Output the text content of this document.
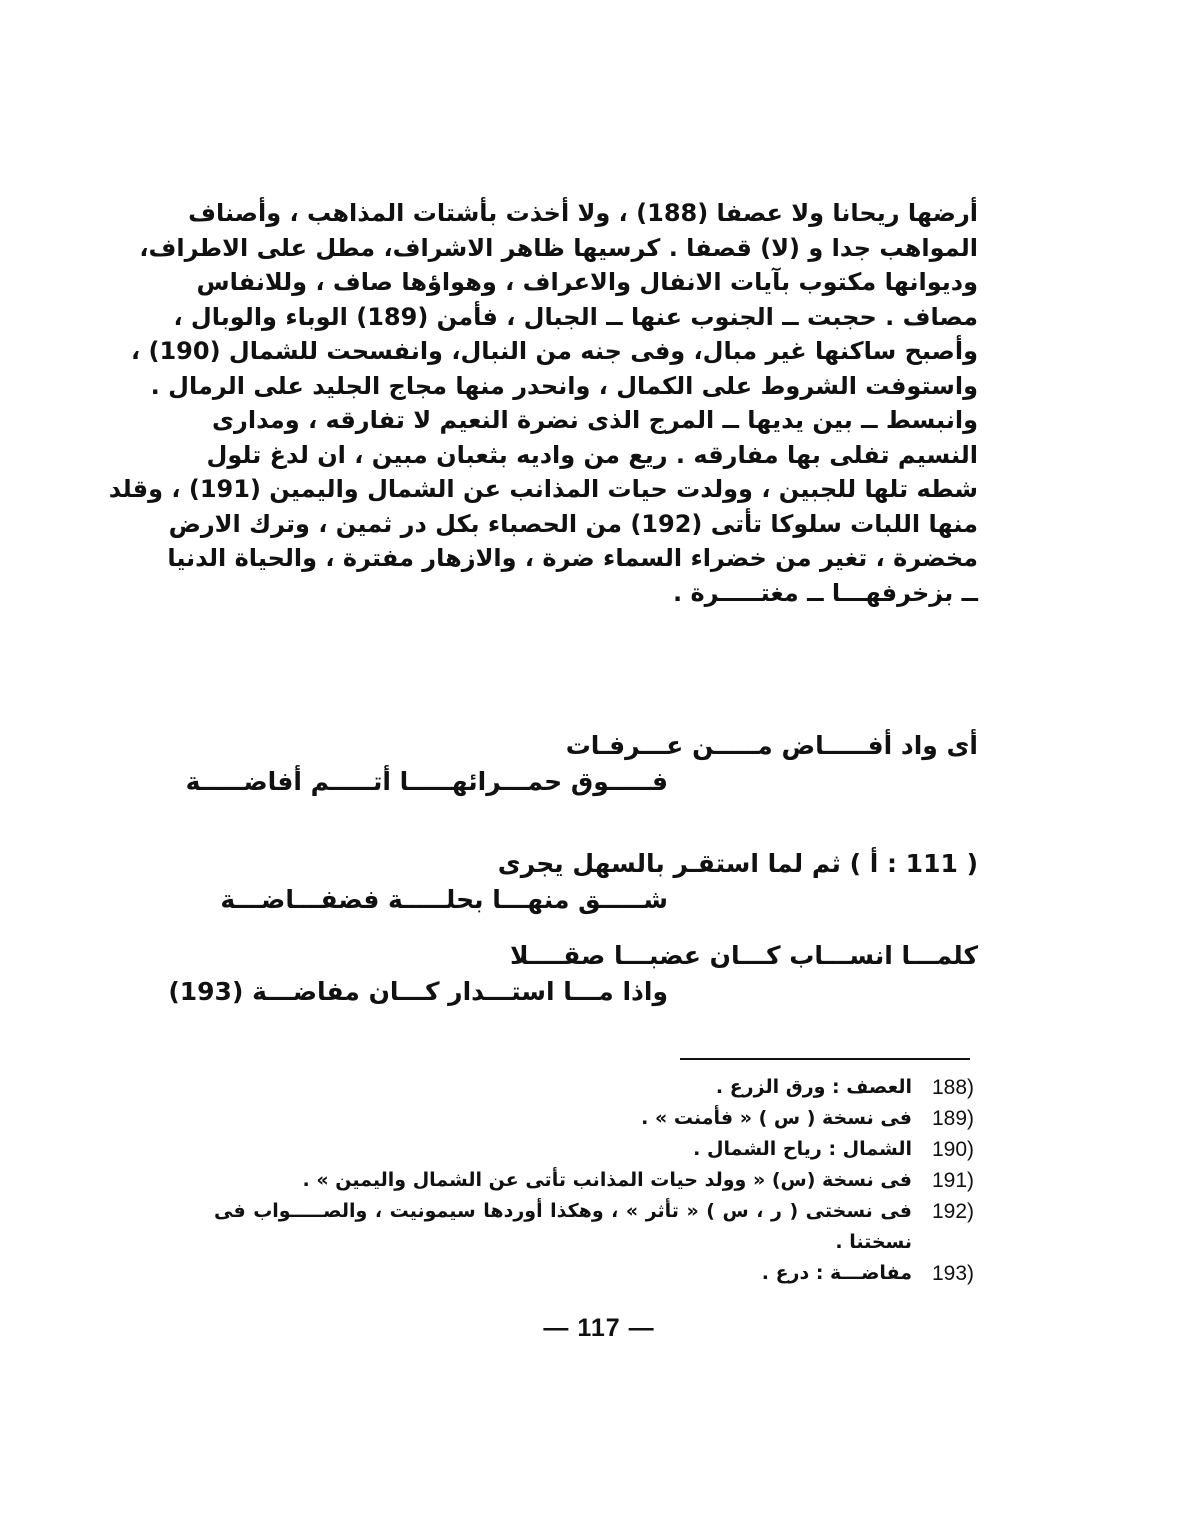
أرضها ريحانا ولا عصفا (188) ، ولا أخذت بأشتات المذاهب ، وأصناف
المواهب جدا و (لا) قصفا . كرسيها ظاهر الاشراف، مطل على الاطراف،
وديوانها مكتوب بآيات الانفال والاعراف ، وهواؤها صاف ، وللانفاس
مصاف . حجبت ــ الجنوب عنها ــ الجبال ، فأمن (189) الوباء والوبال ،
وأصبح ساكنها غير مبال، وفى جنه من النبال، وانفسحت للشمال (190) ،
واستوفت الشروط على الكمال ، وانحدر منها مجاج الجليد على الرمال .
وانبسط ــ بين يديها ــ المرج الذى نضرة النعيم لا تفارقه ، ومدارى
النسيم تفلى بها مفارقه . ريع من واديه بثعبان مبين ، ان لدغ تلول
شطه تلها للجبين ، وولدت حيات المذانب عن الشمال واليمين (191) ، وقلد
منها اللبات سلوكا تأتى (192) من الحصباء بكل در ثمين ، وترك الارض
مخضرة ، تغير من خضراء السماء ضرة ، والازهار مفترة ، والحياة الدنيا
ــ بزخرفهـــا ــ مغتـــــرة .
أى واد أفـــــاض مـــــن عـــرفـات
فـــــوق حمـــرائهـــــا أتـــــم أفاضـــــة
( 111 : أ ) ثم لما استقـر بالسهل يجرى
شـــــق منهـــا بحلـــــة فضفـــاضـــة
كلمـــا انســـاب كـــان عضبـــا صقــــلا
واذا مـــا استـــدار كـــان مفاضـــة (193)
188)
العصف : ورق الزرع .
189)
فى نسخة ( س ) « فأمنت » .
190)
الشمال : رياح الشمال .
191)
فى نسخة (س) « وولد حيات المذانب تأتى عن الشمال واليمين » .
192)
فى نسختى ( ر ، س ) « تأثر » ، وهكذا أوردها سيمونيت ، والصـــــواب فى نسختنا .
193)
مفاضـــة : درع .
— 117 —
